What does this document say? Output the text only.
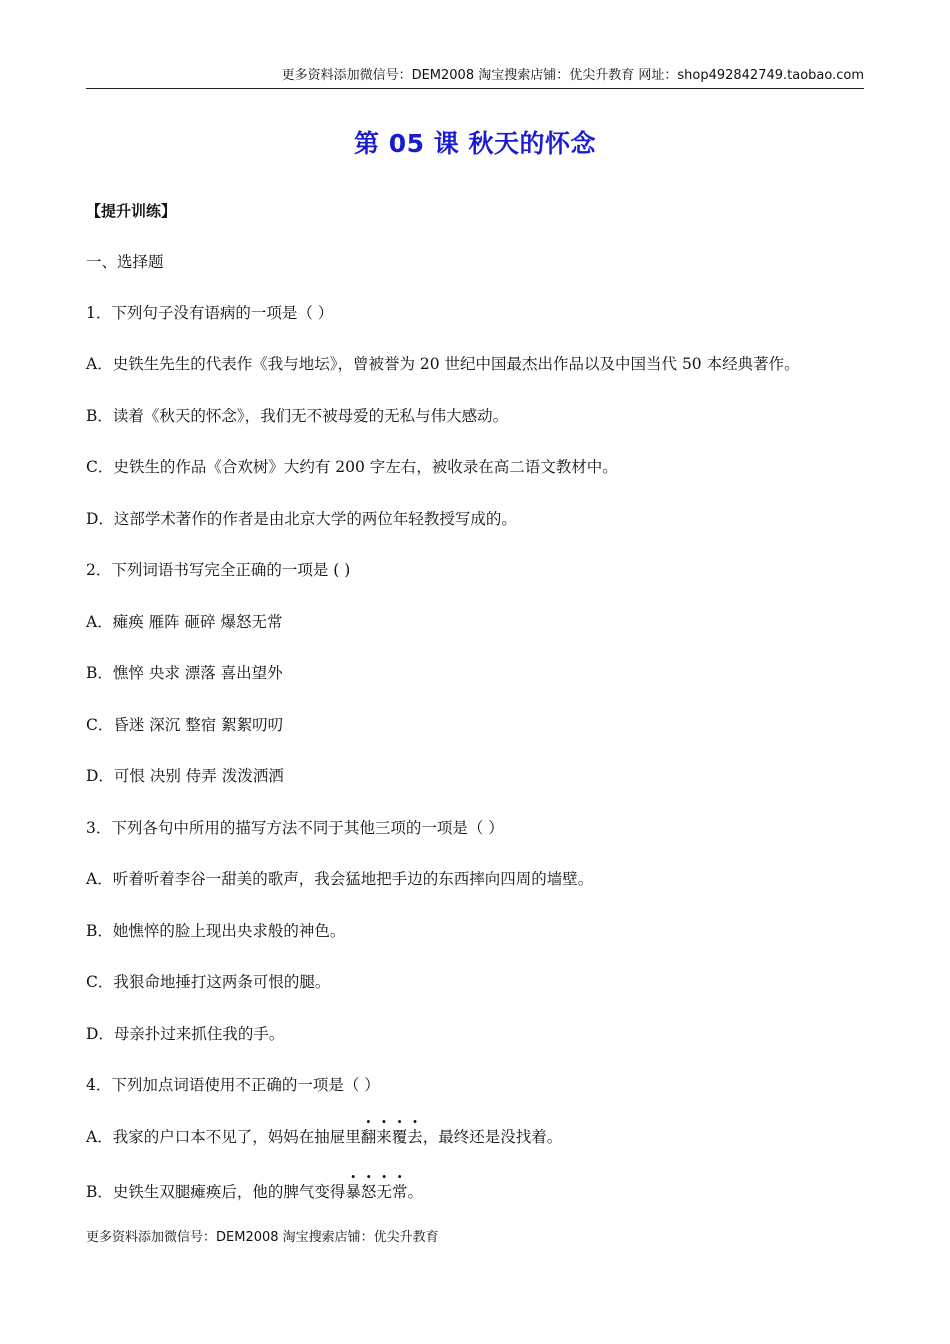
更多资料添加微信号：DEM2008 淘宝搜索店铺：优尖升教育 网址：shop492842749.taobao.com
第 05 课 秋天的怀念
【提升训练】
一、选择题
1．下列句子没有语病的一项是（ ）
A．史铁生先生的代表作《我与地坛》，曾被誉为 20 世纪中国最杰出作品以及中国当代 50 本经典著作。
B．读着《秋天的怀念》，我们无不被母爱的无私与伟大感动。
C．史铁生的作品《合欢树》大约有 200 字左右，被收录在高二语文教材中。
D．这部学术著作的作者是由北京大学的两位年轻教授写成的。
2．下列词语书写完全正确的一项是 ( )
A．瘫痪 雁阵 砸碎 爆怒无常
B．憔悴 央求 漂落 喜出望外
C．昏迷 深沉 整宿 絮絮叨叨
D．可恨 决别 侍弄 泼泼洒洒
3．下列各句中所用的描写方法不同于其他三项的一项是（ ）
A．听着听着李谷一甜美的歌声，我会猛地把手边的东西摔向四周的墙壁。
B．她憔悴的脸上现出央求般的神色。
C．我狠命地捶打这两条可恨的腿。
D．母亲扑过来抓住我的手。
4．下列加点词语使用不正确的一项是（ ）
A．我家的户口本不见了，妈妈在抽屉里翻来覆去，最终还是没找着。
B．史铁生双腿瘫痪后，他的脾气变得暴怒无常。
更多资料添加微信号：DEM2008 淘宝搜索店铺：优尖升教育
